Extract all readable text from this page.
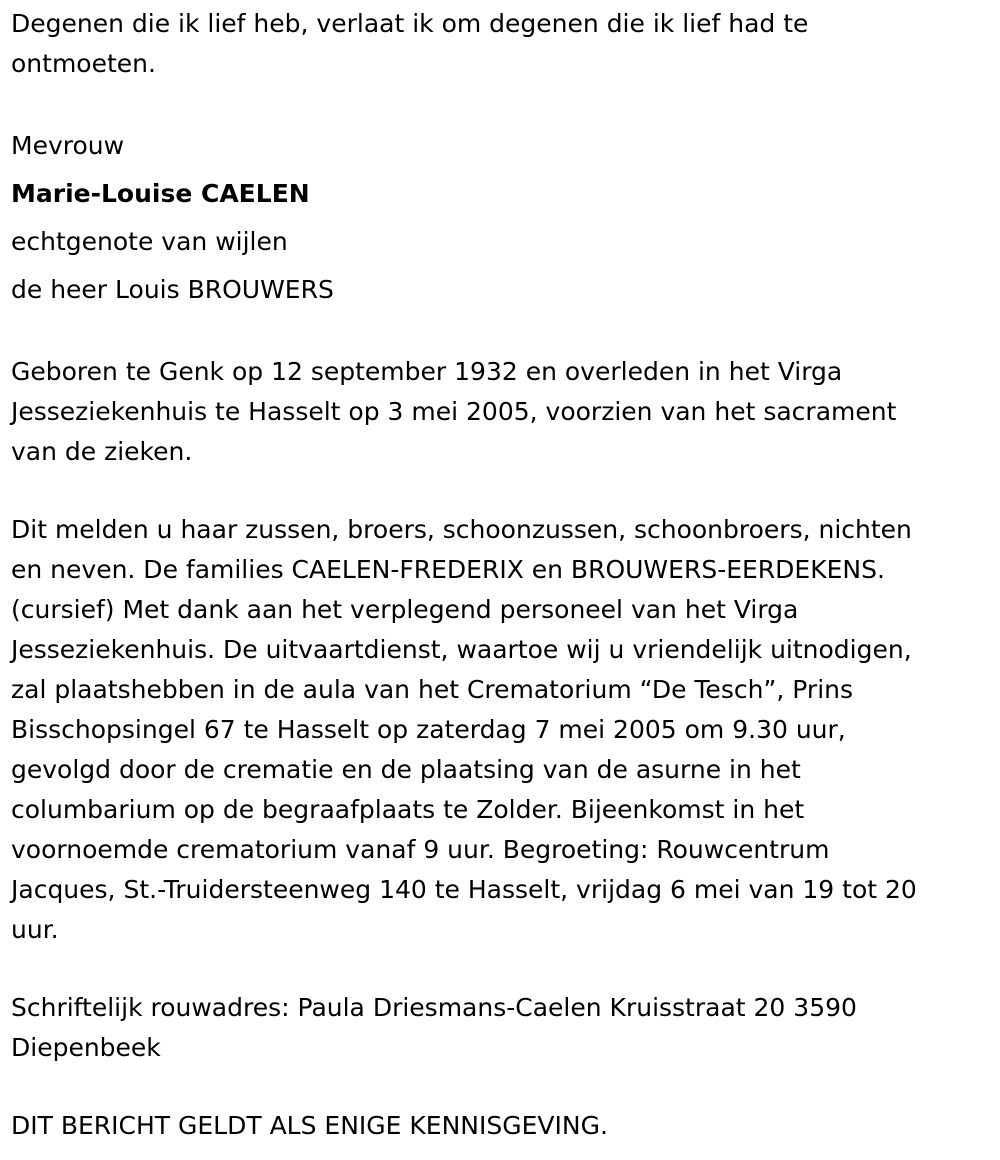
Degenen die ik lief heb, verlaat ik om degenen die ik lief had te

ontmoeten.

Mevrouw

Marie-Louise CAELEN

echtgenote van wijlen

de heer Louis BROUWERS

Geboren te Genk op 12 september 1932 en overleden in het Virga

Jesseziekenhuis te Hasselt op 3 mei 2005, voorzien van het sacrament

van de zieken.

Dit melden u haar zussen, broers, schoonzussen, schoonbroers, nichten

en neven. De families CAELEN-FREDERIX en BROUWERS-EERDEKENS.

(cursief) Met dank aan het verplegend personeel van het Virga

Jesseziekenhuis. De uitvaartdienst, waartoe wij u vriendelijk uitnodigen,

zal plaatshebben in de aula van het Crematorium “De Tesch”, Prins

Bisschopsingel 67 te Hasselt op zaterdag 7 mei 2005 om 9.30 uur,

gevolgd door de crematie en de plaatsing van de asurne in het

columbarium op de begraafplaats te Zolder. Bijeenkomst in het

voornoemde crematorium vanaf 9 uur. Begroeting: Rouwcentrum

Jacques, St.-Truidersteenweg 140 te Hasselt, vrijdag 6 mei van 19 tot 20

uur.

Schriftelijk rouwadres: Paula Driesmans-Caelen Kruisstraat 20 3590

Diepenbeek

DIT BERICHT GELDT ALS ENIGE KENNISGEVING.
